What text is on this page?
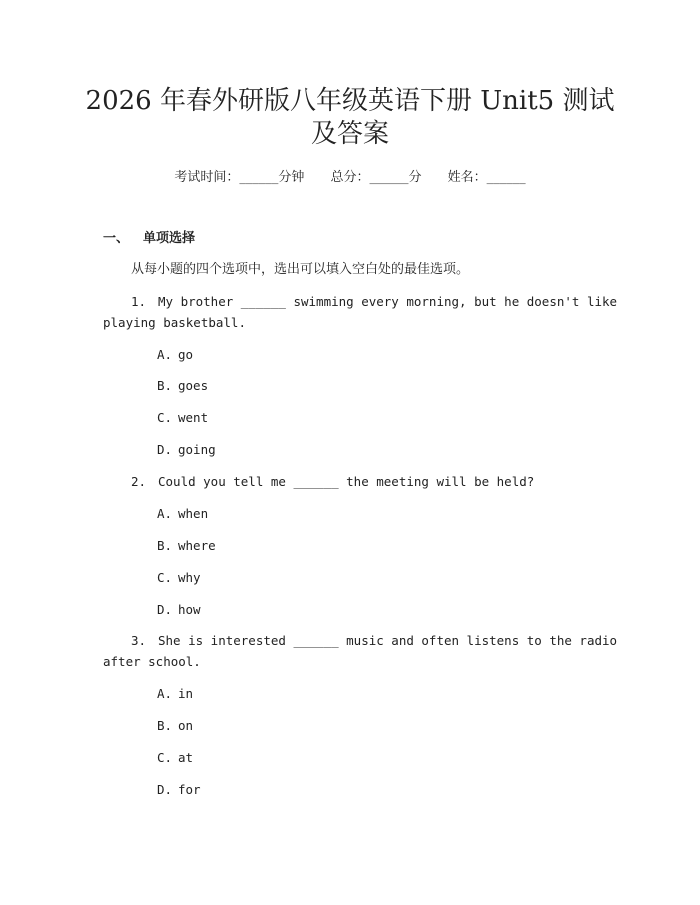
2026 年春外研版八年级英语下册 Unit5 测试
及答案
考试时间：______分钟 总分：______分 姓名：______
一、 单项选择
从每小题的四个选项中，选出可以填入空白处的最佳选项。
1. My brother ______ swimming every morning, but he doesn't like
playing basketball.
A. go
B. goes
C. went
D. going
2. Could you tell me ______ the meeting will be held?
A. when
B. where
C. why
D. how
3. She is interested ______ music and often listens to the radio
after school.
A. in
B. on
C. at
D. for
